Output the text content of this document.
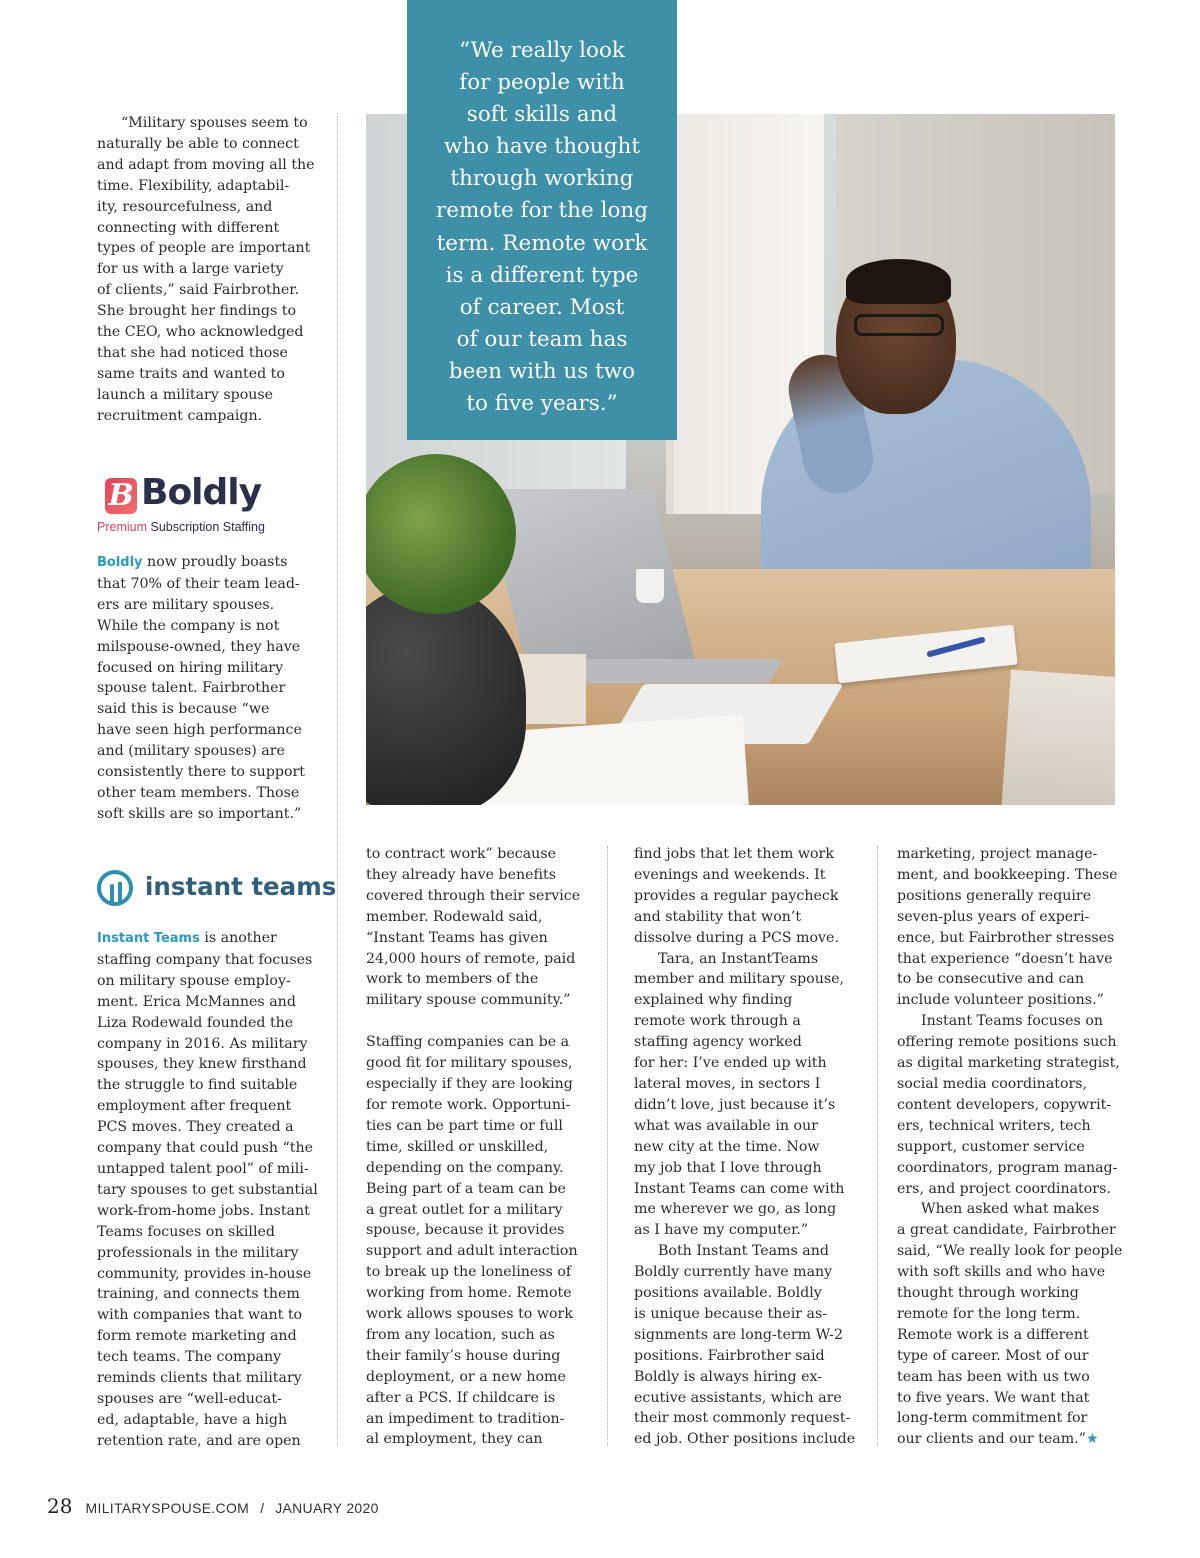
“We really look
for people with
soft skills and
who have thought
through working
remote for the long
term. Remote work
is a different type
of career. Most
of our team has
been with us two
to five years.”

“Military spouses seem to
naturally be able to connect
and adapt from moving all the
time. Flexibility, adaptabil-
ity, resourcefulness, and
connecting with different
types of people are important
for us with a large variety
of clients,” said Fairbrother.
She brought her findings to
the CEO, who acknowledged
that she had noticed those
same traits and wanted to
launch a military spouse
recruitment campaign.

B Boldly
Premium Subscription Staffing

Boldly now proudly boasts
that 70% of their team lead-
ers are military spouses.
While the company is not
milspouse-owned, they have
focused on hiring military
spouse talent. Fairbrother
said this is because “we
have seen high performance
and (military spouses) are
consistently there to support
other team members. Those
soft skills are so important.”

instant teams

Instant Teams is another
staffing company that focuses
on military spouse employ-
ment. Erica McMannes and
Liza Rodewald founded the
company in 2016. As military
spouses, they knew firsthand
the struggle to find suitable
employment after frequent
PCS moves. They created a
company that could push “the
untapped talent pool” of mili-
tary spouses to get substantial
work-from-home jobs. Instant
Teams focuses on skilled
professionals in the military
community, provides in-house
training, and connects them
with companies that want to
form remote marketing and
tech teams. The company
reminds clients that military
spouses are “well-educat-
ed, adaptable, have a high
retention rate, and are open

to contract work” because
they already have benefits
covered through their service
member. Rodewald said,
“Instant Teams has given
24,000 hours of remote, paid
work to members of the
military spouse community.”

Staffing companies can be a
good fit for military spouses,
especially if they are looking
for remote work. Opportuni-
ties can be part time or full
time, skilled or unskilled,
depending on the company.
Being part of a team can be
a great outlet for a military
spouse, because it provides
support and adult interaction
to break up the loneliness of
working from home. Remote
work allows spouses to work
from any location, such as
their family’s house during
deployment, or a new home
after a PCS. If childcare is
an impediment to tradition-
al employment, they can

find jobs that let them work
evenings and weekends. It
provides a regular paycheck
and stability that won’t
dissolve during a PCS move.

Tara, an InstantTeams
member and military spouse,
explained why finding
remote work through a
staffing agency worked
for her: I’ve ended up with
lateral moves, in sectors I
didn’t love, just because it’s
what was available in our
new city at the time. Now
my job that I love through
Instant Teams can come with
me wherever we go, as long
as I have my computer.”

Both Instant Teams and
Boldly currently have many
positions available. Boldly
is unique because their as-
signments are long-term W-2
positions. Fairbrother said
Boldly is always hiring ex-
ecutive assistants, which are
their most commonly request-
ed job. Other positions include

marketing, project manage-
ment, and bookkeeping. These
positions generally require
seven-plus years of experi-
ence, but Fairbrother stresses
that experience “doesn’t have
to be consecutive and can
include volunteer positions.”

Instant Teams focuses on
offering remote positions such
as digital marketing strategist,
social media coordinators,
content developers, copywrit-
ers, technical writers, tech
support, customer service
coordinators, program manag-
ers, and project coordinators.

When asked what makes
a great candidate, Fairbrother
said, “We really look for people
with soft skills and who have
thought through working
remote for the long term.
Remote work is a different
type of career. Most of our
team has been with us two
to five years. We want that
long-term commitment for
our clients and our team.”★

28 MILITARYSPOUSE.COM / JANUARY 2020
